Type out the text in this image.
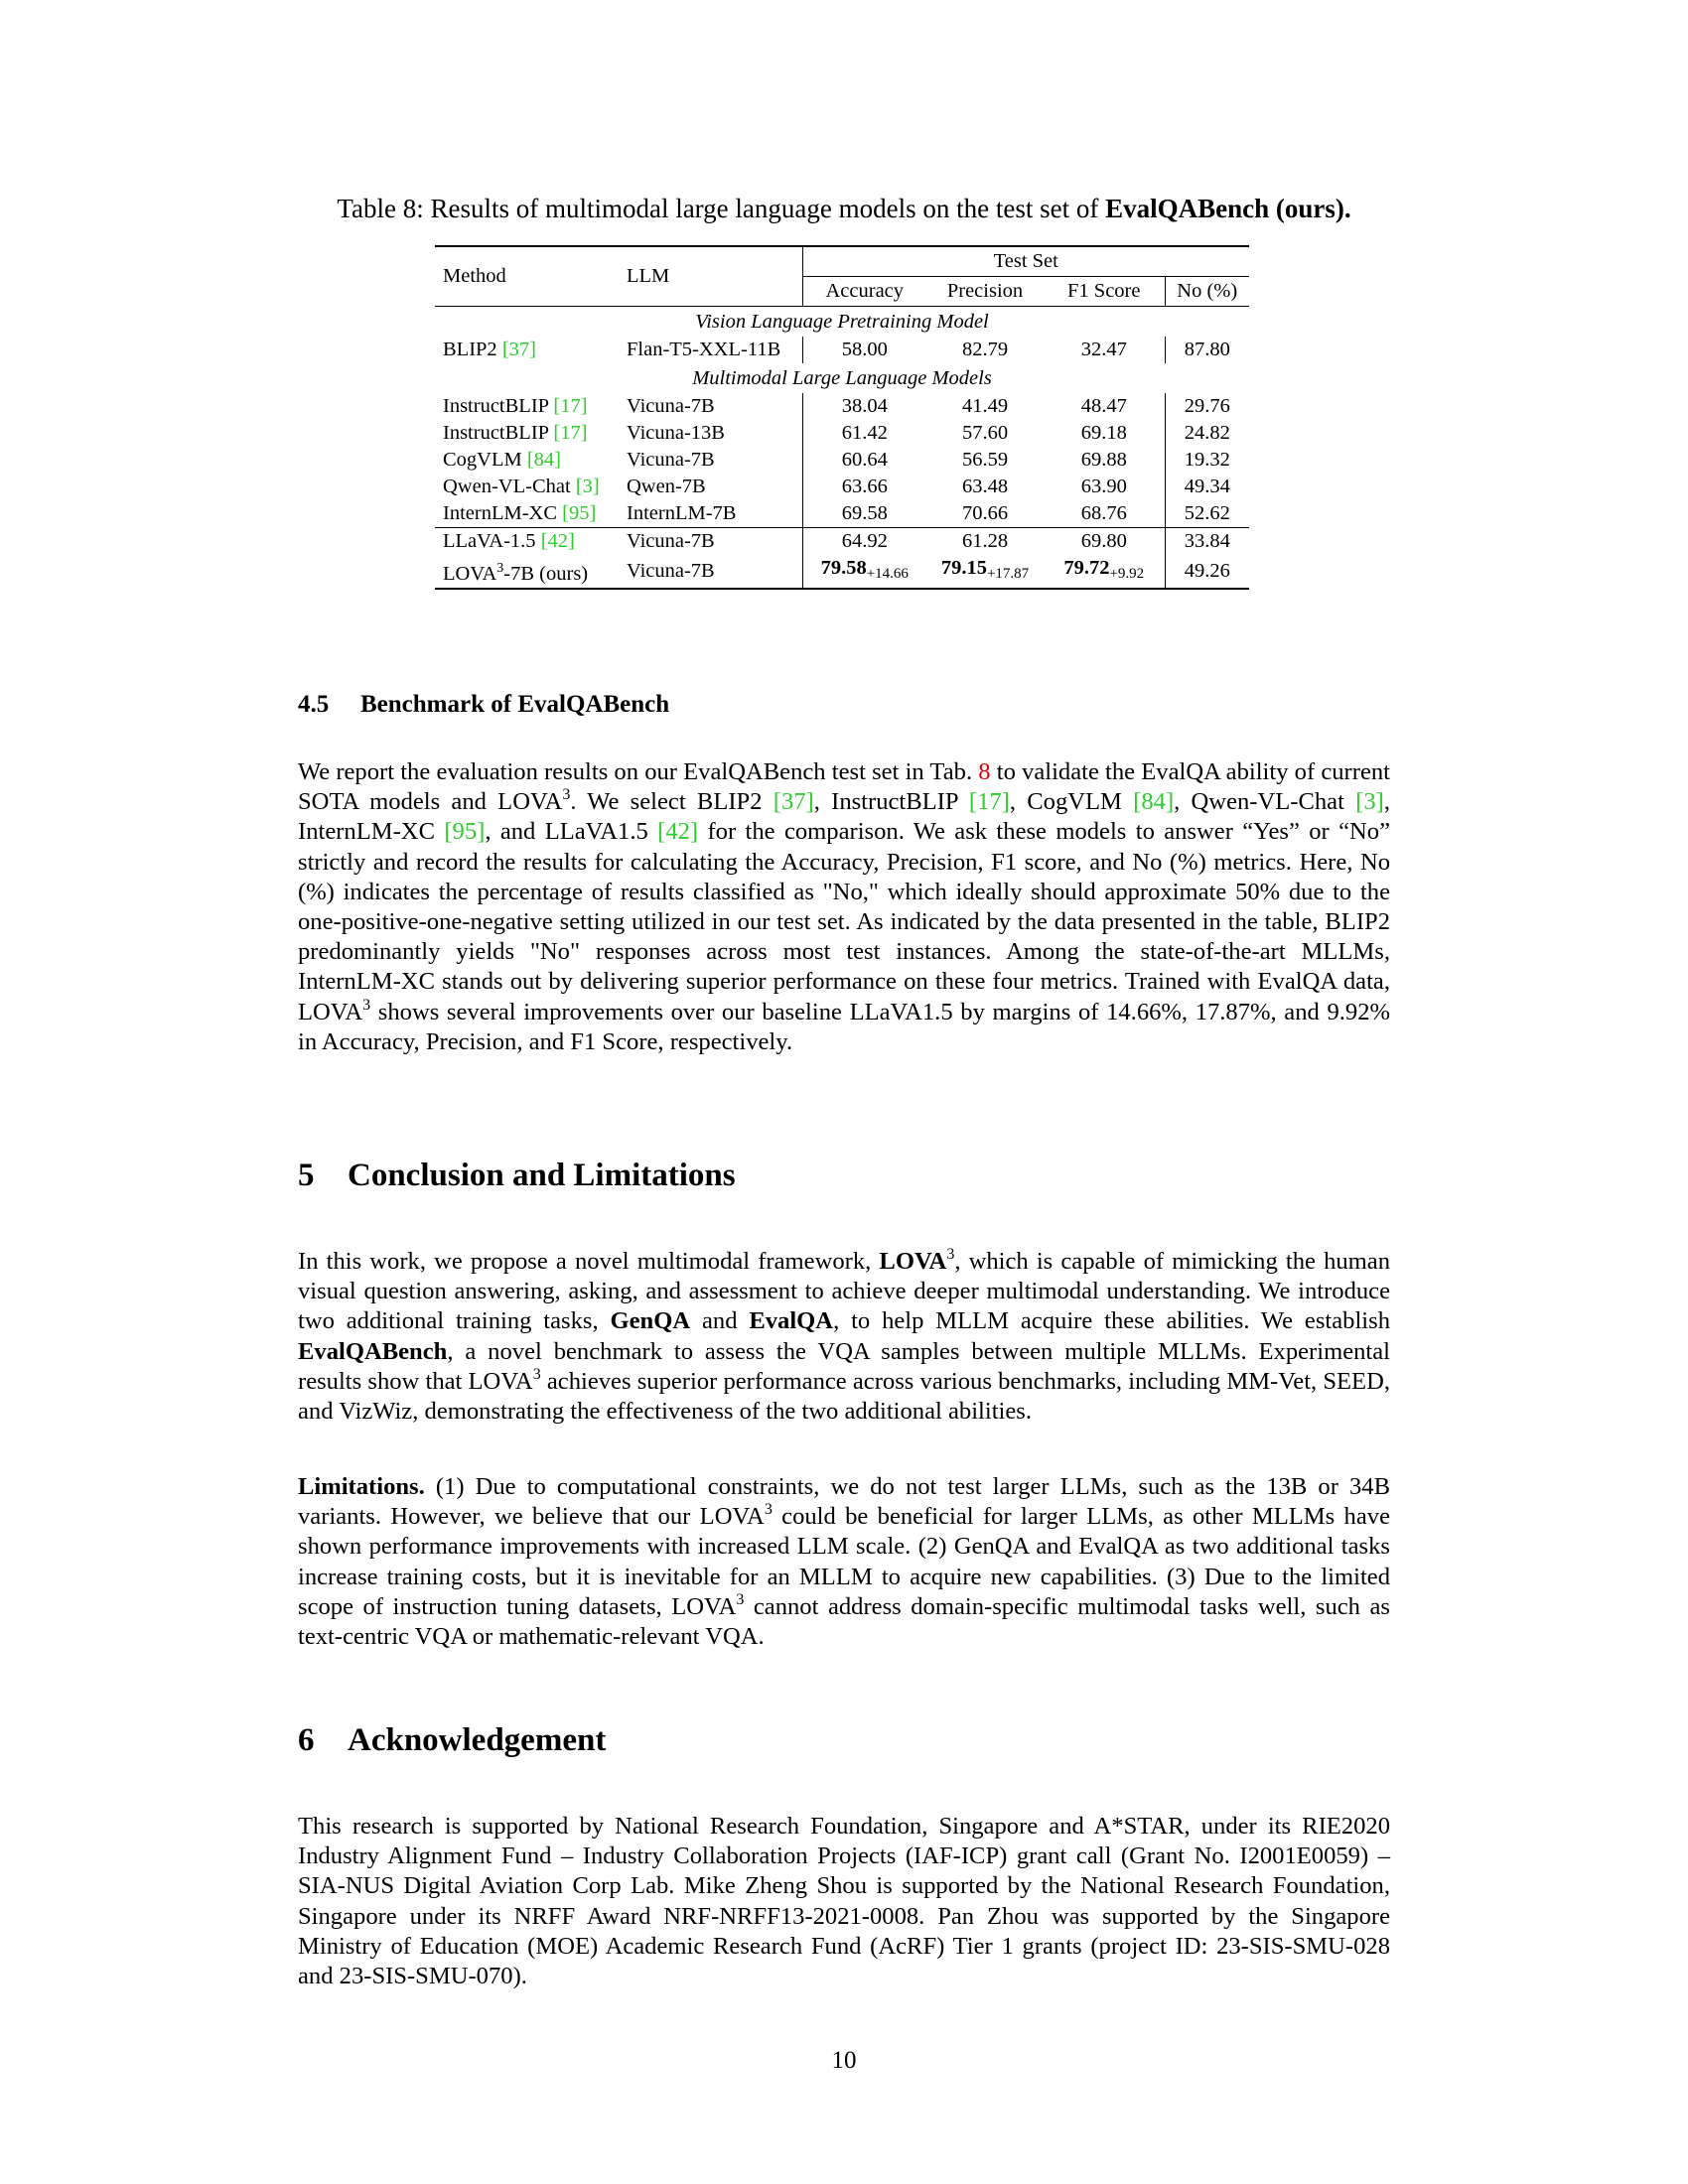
Table 8: Results of multimodal large language models on the test set of EvalQABench (ours).
Method	LLM	Test Set			
		Accuracy	Precision	F1 Score	No (%)
Vision Language Pretraining Model					
BLIP2 [37]	Flan-T5-XXL-11B	58.00	82.79	32.47	87.80
Multimodal Large Language Models					
InstructBLIP [17]	Vicuna-7B	38.04	41.49	48.47	29.76
InstructBLIP [17]	Vicuna-13B	61.42	57.60	69.18	24.82
CogVLM [84]	Vicuna-7B	60.64	56.59	69.88	19.32
Qwen-VL-Chat [3]	Qwen-7B	63.66	63.48	63.90	49.34
InternLM-XC [95]	InternLM-7B	69.58	70.66	68.76	52.62
LLaVA-1.5 [42]	Vicuna-7B	64.92	61.28	69.80	33.84
LOVA$^3$-7B (ours)	Vicuna-7B	$79.58_{+14.66}$	$79.15_{+17.87}$	$79.72_{+9.92}$	49.26
4.5 Benchmark of EvalQABench
We report the evaluation results on our EvalQABench test set in Tab. 8 to validate the EvalQA ability of current SOTA models and LOVA$^3$. We select BLIP2 [37], InstructBLIP [17], CogVLM [84], Qwen-VL-Chat [3], InternLM-XC [95], and LLaVA1.5 [42] for the comparison. We ask these models to answer “Yes” or “No” strictly and record the results for calculating the Accuracy, Precision, F1 score, and No (%) metrics. Here, No (%) indicates the percentage of results classified as "No," which ideally should approximate 50% due to the one-positive-one-negative setting utilized in our test set. As indicated by the data presented in the table, BLIP2 predominantly yields "No" responses across most test instances. Among the state-of-the-art MLLMs, InternLM-XC stands out by delivering superior performance on these four metrics. Trained with EvalQA data, LOVA$^3$ shows several improvements over our baseline LLaVA1.5 by margins of 14.66%, 17.87%, and 9.92% in Accuracy, Precision, and F1 Score, respectively.
5 Conclusion and Limitations
In this work, we propose a novel multimodal framework, LOVA$^3$, which is capable of mimicking the human visual question answering, asking, and assessment to achieve deeper multimodal understanding. We introduce two additional training tasks, GenQA and EvalQA, to help MLLM acquire these abilities. We establish EvalQABench, a novel benchmark to assess the VQA samples between multiple MLLMs. Experimental results show that LOVA$^3$ achieves superior performance across various benchmarks, including MM-Vet, SEED, and VizWiz, demonstrating the effectiveness of the two additional abilities.
Limitations. (1) Due to computational constraints, we do not test larger LLMs, such as the 13B or 34B variants. However, we believe that our LOVA$^3$ could be beneficial for larger LLMs, as other MLLMs have shown performance improvements with increased LLM scale. (2) GenQA and EvalQA as two additional tasks increase training costs, but it is inevitable for an MLLM to acquire new capabilities. (3) Due to the limited scope of instruction tuning datasets, LOVA$^3$ cannot address domain-specific multimodal tasks well, such as text-centric VQA or mathematic-relevant VQA.
6 Acknowledgement
This research is supported by National Research Foundation, Singapore and A*STAR, under its RIE2020 Industry Alignment Fund – Industry Collaboration Projects (IAF-ICP) grant call (Grant No. I2001E0059) – SIA-NUS Digital Aviation Corp Lab. Mike Zheng Shou is supported by the National Research Foundation, Singapore under its NRFF Award NRF-NRFF13-2021-0008. Pan Zhou was supported by the Singapore Ministry of Education (MOE) Academic Research Fund (AcRF) Tier 1 grants (project ID: 23-SIS-SMU-028 and 23-SIS-SMU-070).
10
